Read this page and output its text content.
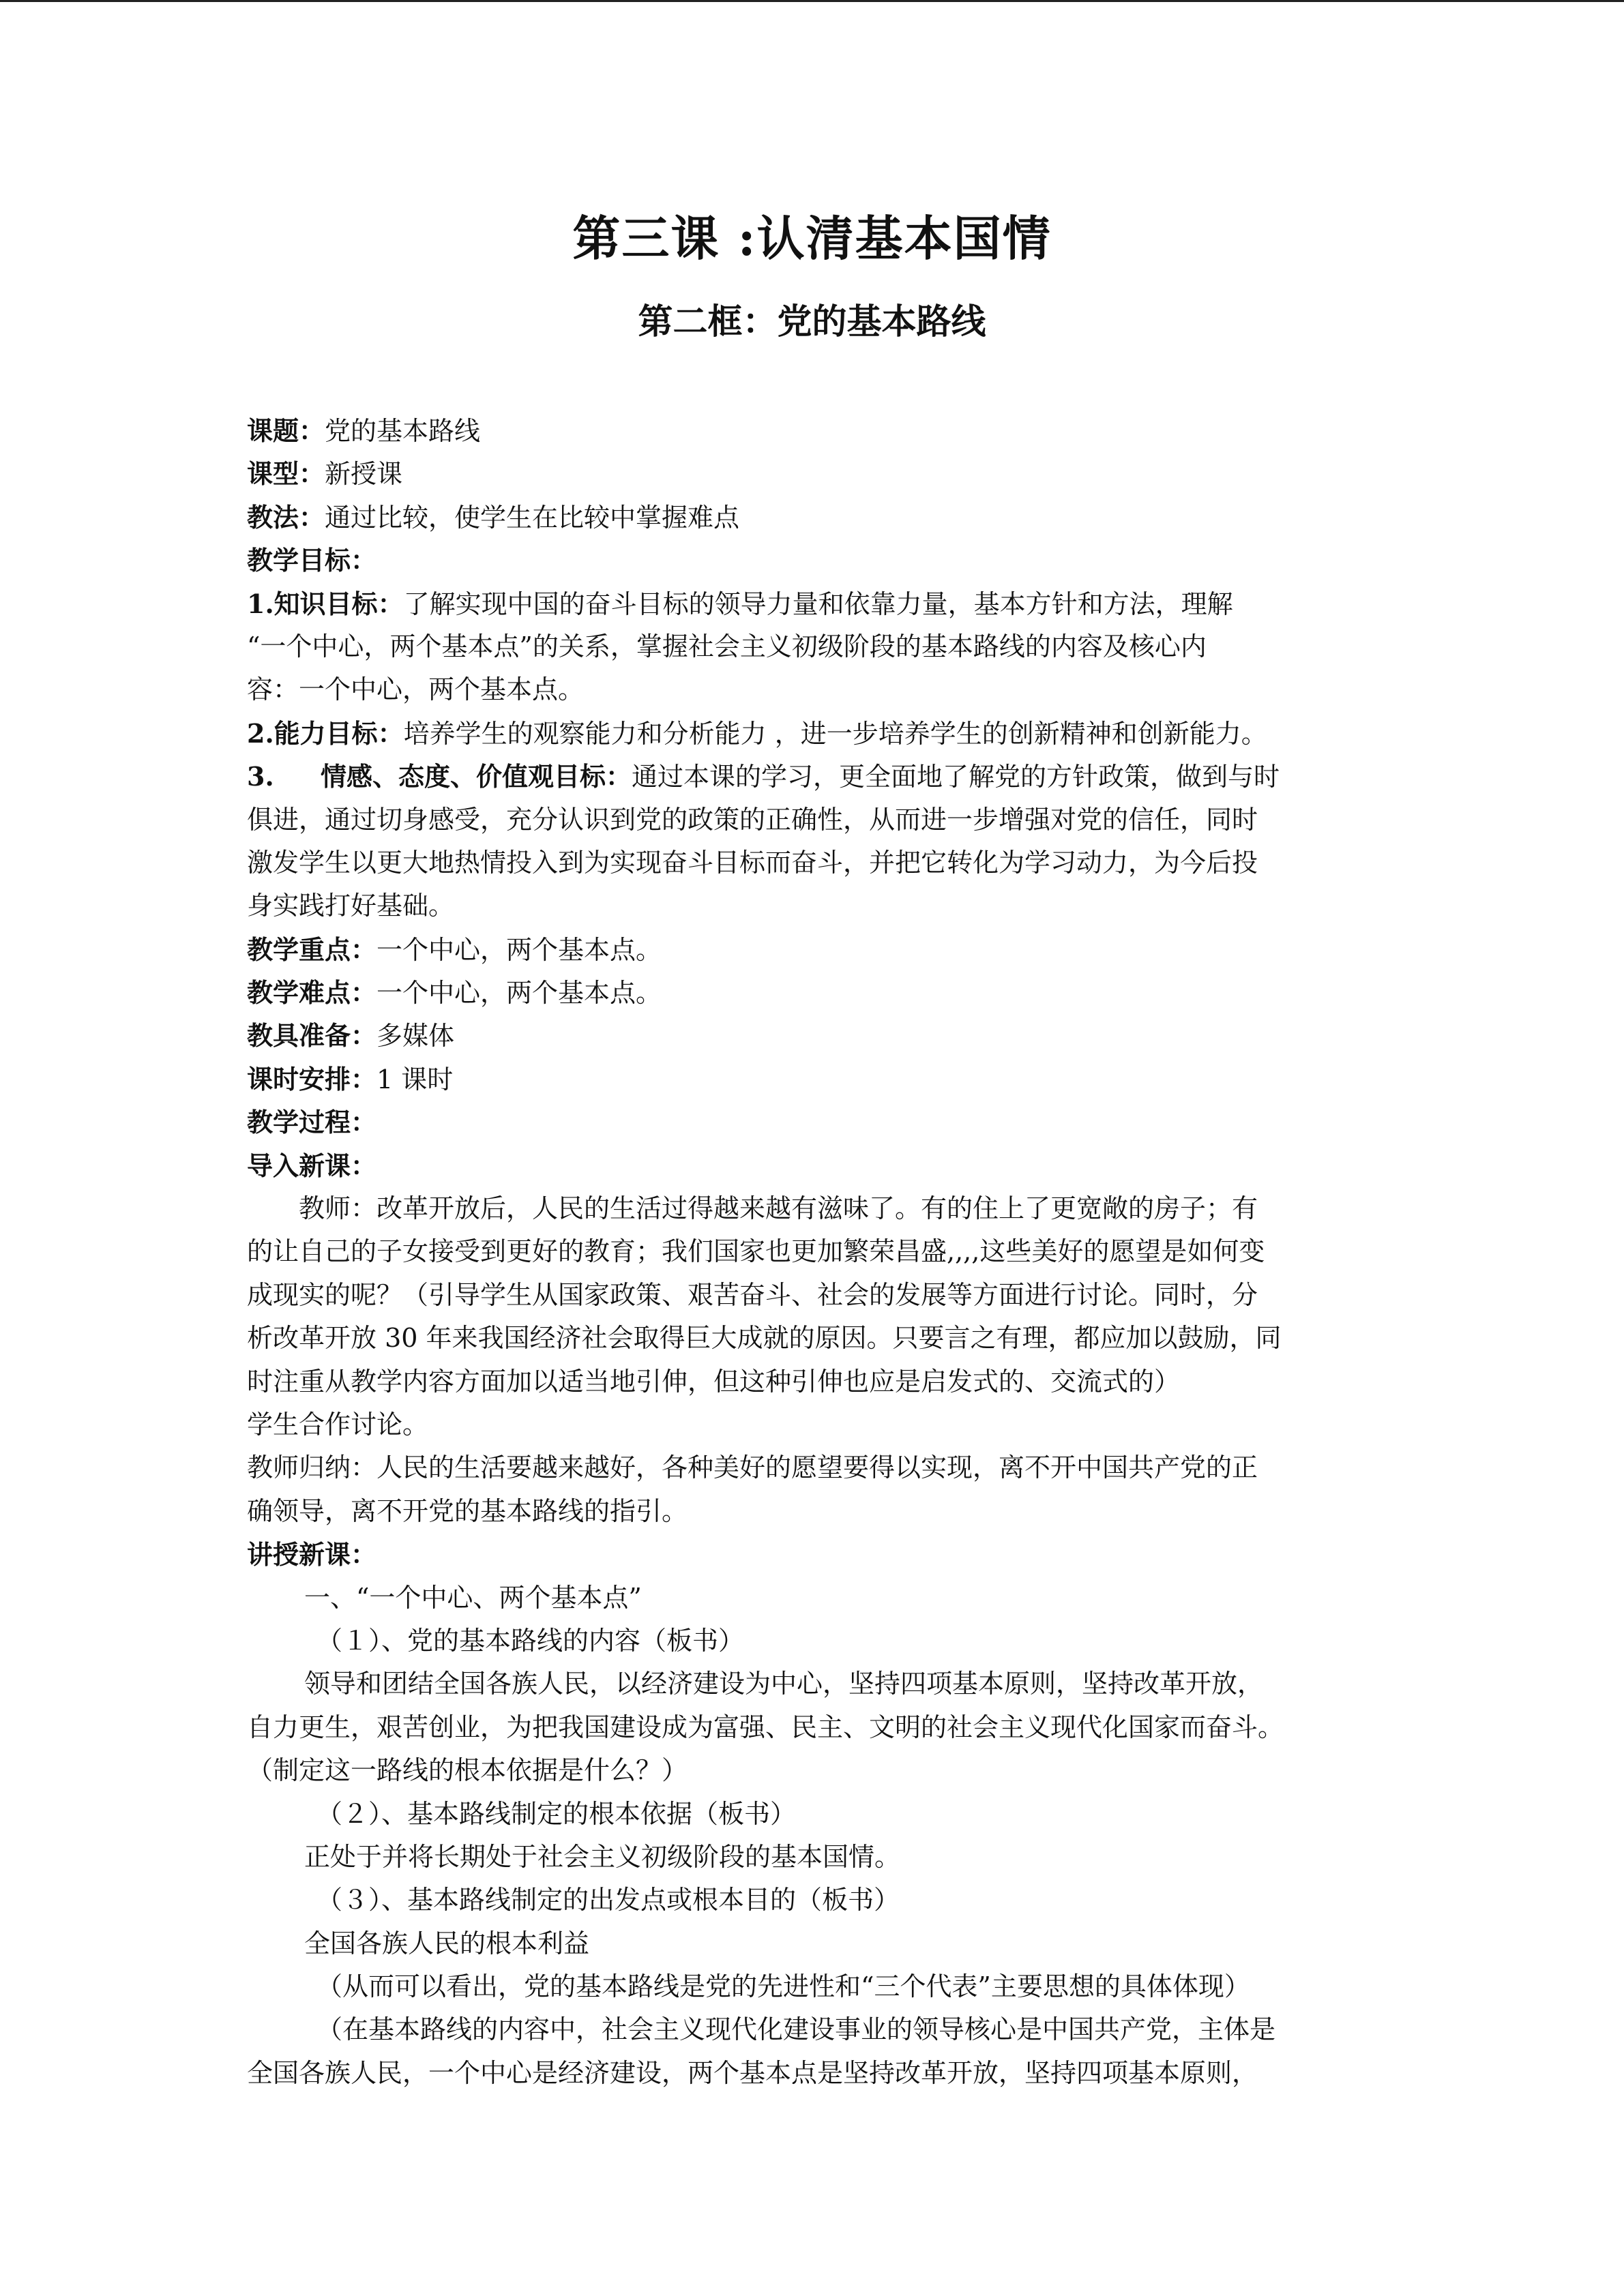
第三课 :认清基本国情
第二框：党的基本路线
课题：党的基本路线
课型：新授课
教法：通过比较，使学生在比较中掌握难点
教学目标：
1.知识目标：了解实现中国的奋斗目标的领导力量和依靠力量，基本方针和方法，理解
“一个中心，两个基本点”的关系，掌握社会主义初级阶段的基本路线的内容及核心内
容：一个中心，两个基本点。
2.能力目标：培养学生的观察能力和分析能力 ，进一步培养学生的创新精神和创新能力。
3. 情感、态度、价值观目标：通过本课的学习，更全面地了解党的方针政策，做到与时
俱进，通过切身感受，充分认识到党的政策的正确性，从而进一步增强对党的信任，同时
激发学生以更大地热情投入到为实现奋斗目标而奋斗，并把它转化为学习动力，为今后投
身实践打好基础。
教学重点：一个中心，两个基本点。
教学难点：一个中心，两个基本点。
教具准备：多媒体
课时安排：1 课时
教学过程：
导入新课：
教师：改革开放后，人民的生活过得越来越有滋味了。有的住上了更宽敞的房子；有
的让自己的子女接受到更好的教育；我们国家也更加繁荣昌盛,,,,这些美好的愿望是如何变
成现实的呢？（引导学生从国家政策、艰苦奋斗、社会的发展等方面进行讨论。同时，分
析改革开放 30 年来我国经济社会取得巨大成就的原因。只要言之有理，都应加以鼓励，同
时注重从教学内容方面加以适当地引伸，但这种引伸也应是启发式的、交流式的）
学生合作讨论。
教师归纳：人民的生活要越来越好，各种美好的愿望要得以实现，离不开中国共产党的正
确领导，离不开党的基本路线的指引。
讲授新课：
一、“一个中心、两个基本点”
（１）、党的基本路线的内容（板书）
领导和团结全国各族人民，以经济建设为中心，坚持四项基本原则，坚持改革开放，
自力更生，艰苦创业，为把我国建设成为富强、民主、文明的社会主义现代化国家而奋斗。
（制定这一路线的根本依据是什么？）
（２）、基本路线制定的根本依据（板书）
正处于并将长期处于社会主义初级阶段的基本国情。
（３）、基本路线制定的出发点或根本目的（板书）
全国各族人民的根本利益
（从而可以看出，党的基本路线是党的先进性和“三个代表”主要思想的具体体现）
（在基本路线的内容中，社会主义现代化建设事业的领导核心是中国共产党，主体是
全国各族人民，一个中心是经济建设，两个基本点是坚持改革开放，坚持四项基本原则，
